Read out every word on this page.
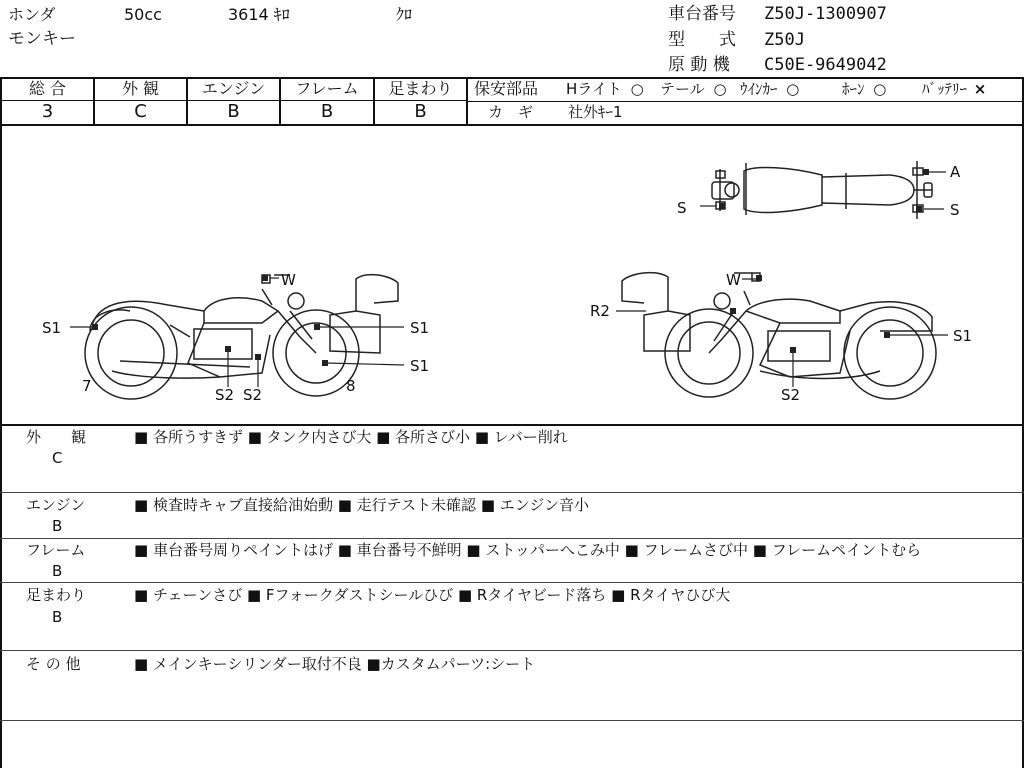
ホンダ	50cc	3614 ｷﾛ	ｸﾛ
モンキー
車台番号 Z50J-1300907
型　　式 Z50J
原 動 機 C50E-9649042
総 合	外 観	エンジン	フレーム	足まわり
3	C	B	B	B
保安部品 Hライト ○ テール ○ ｳｲﾝｶｰ ○	ﾎｰﾝ ○ ﾊﾞｯﾃﾘｰ ×
カ　ギ 社外ｷｰ1
A
S	S
W
S1	S1
S1
S2 S2
7	8
W
R2
S1
S2
外　　観
C
■ 各所うすきず ■ タンク内さび大 ■ 各所さび小 ■ レバー削れ
エンジン
B
■ 検査時キャブ直接給油始動 ■ 走行テスト未確認 ■ エンジン音小
フレーム
B
■ 車台番号周りペイントはげ ■ 車台番号不鮮明 ■ ストッパーへこみ中 ■ フレームさび中 ■ フレームペイントむら
足まわり
B
■ チェーンさび ■ Fフォークダストシールひび ■ Rタイヤビード落ち ■ Rタイヤひび大
そ の 他	■ メインキーシリンダー取付不良 ■カスタムパーツ:シート
